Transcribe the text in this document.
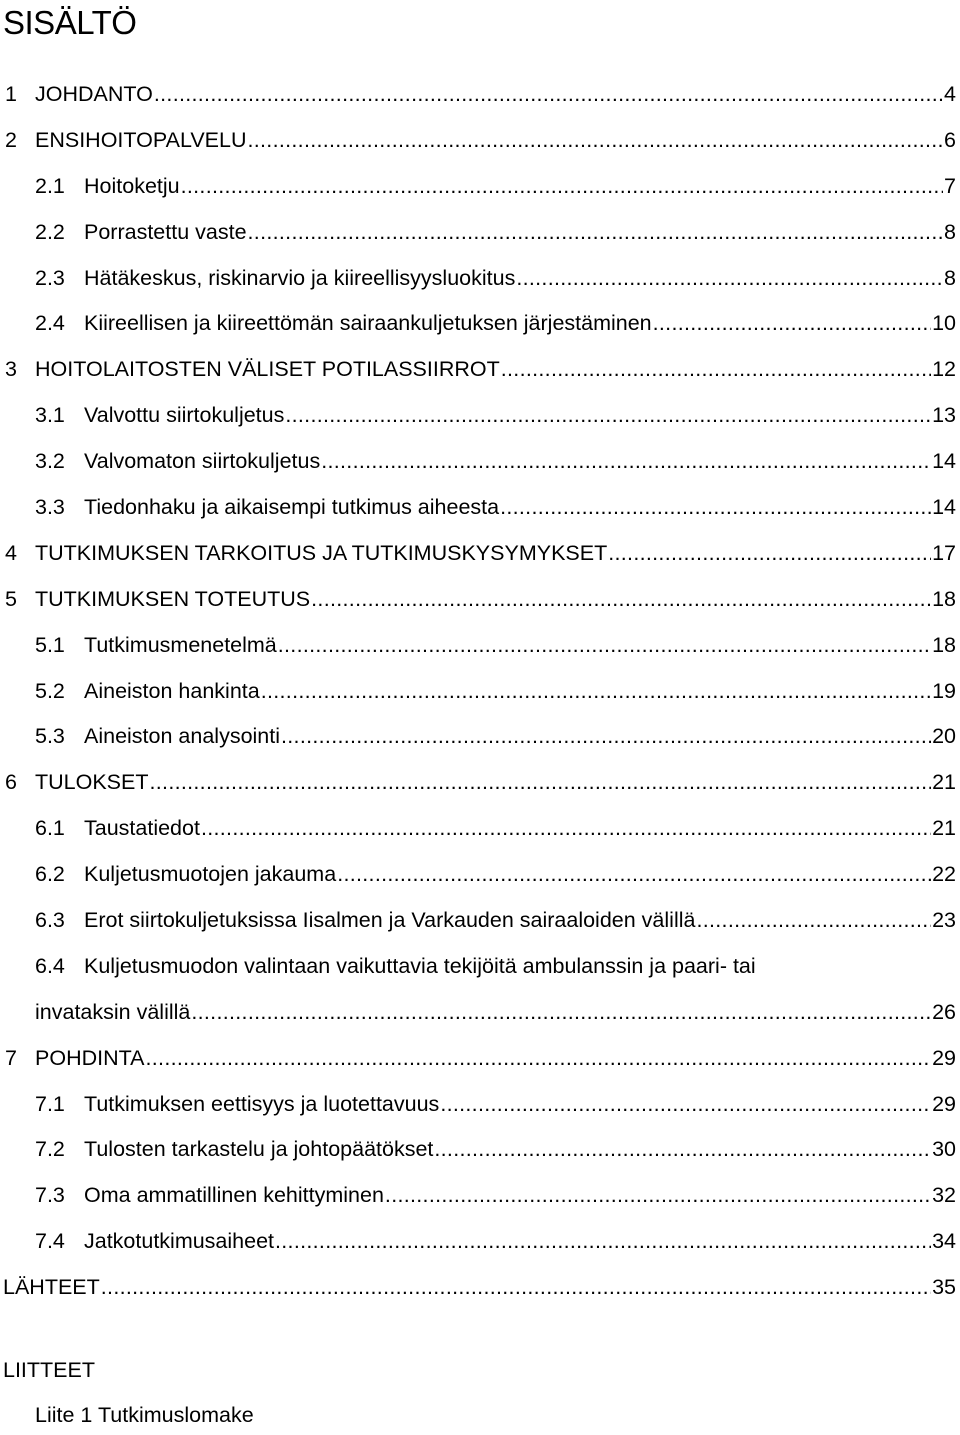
SISÄLTÖ
1 JOHDANTO .....	4
2 ENSIHOITOPALVELU .....	6
2.1 Hoitoketju .....	7
2.2 Porrastettu vaste .....	8
2.3 Hätäkeskus, riskinarvio ja kiireellisyysluokitus .....	8
2.4 Kiireellisen ja kiireettömän sairaankuljetuksen järjestäminen .....	10
3 HOITOLAITOSTEN VÄLISET POTILASSIIRROT .....	12
3.1 Valvottu siirtokuljetus .....	13
3.2 Valvomaton siirtokuljetus .....	14
3.3 Tiedonhaku ja aikaisempi tutkimus aiheesta .....	14
4 TUTKIMUKSEN TARKOITUS JA TUTKIMUSKYSYMYKSET .....	17
5 TUTKIMUKSEN TOTEUTUS .....	18
5.1 Tutkimusmenetelmä .....	18
5.2 Aineiston hankinta .....	19
5.3 Aineiston analysointi .....	20
6 TULOKSET .....	21
6.1 Taustatiedot .....	21
6.2 Kuljetusmuotojen jakauma .....	22
6.3 Erot siirtokuljetuksissa Iisalmen ja Varkauden sairaaloiden välillä .....	23
6.4 Kuljetusmuodon valintaan vaikuttavia tekijöitä ambulanssin ja paari- tai
invataksin välillä .....	26
7 POHDINTA .....	29
7.1 Tutkimuksen eettisyys ja luotettavuus .....	29
7.2 Tulosten tarkastelu ja johtopäätökset .....	30
7.3 Oma ammatillinen kehittyminen .....	32
7.4 Jatkotutkimusaiheet .....	34
LÄHTEET .....	35
LIITTEET
Liite 1 Tutkimuslomake
